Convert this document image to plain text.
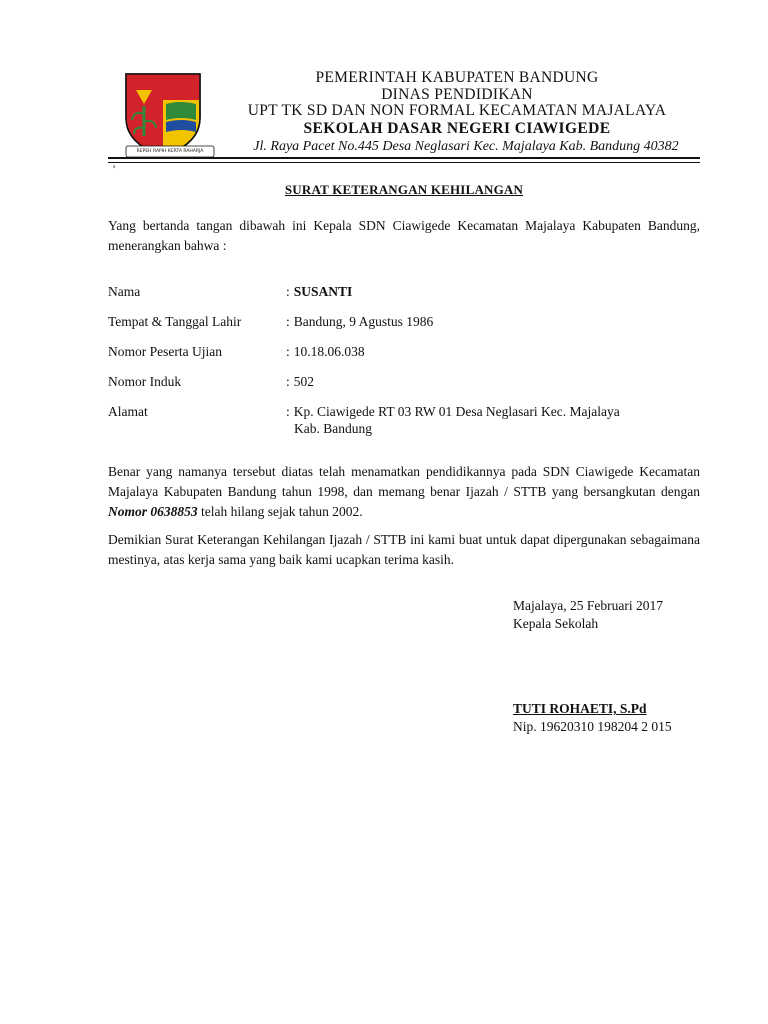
REPEH RAPIH KERTA RAHARJA
PEMERINTAH KABUPATEN BANDUNG
DINAS PENDIDIKAN
UPT TK SD DAN NON FORMAL KECAMATAN MAJALAYA
SEKOLAH DASAR NEGERI CIAWIGEDE
Jl. Raya Pacet No.445 Desa Neglasari Kec. Majalaya Kab. Bandung 40382
'
SURAT KETERANGAN KEHILANGAN
Yang bertanda tangan dibawah ini Kepala SDN Ciawigede Kecamatan Majalaya Kabupaten Bandung, menerangkan bahwa :
Nama	: SUSANTI
Tempat & Tanggal Lahir	: Bandung, 9 Agustus 1986
Nomor Peserta Ujian	: 10.18.06.038
Nomor Induk	: 502
Alamat	: Kp. Ciawigede RT 03 RW 01 Desa Neglasari Kec. Majalaya
Kab. Bandung
Benar yang namanya tersebut diatas telah menamatkan pendidikannya pada SDN Ciawigede Kecamatan Majalaya Kabupaten Bandung tahun 1998, dan memang benar Ijazah / STTB yang bersangkutan dengan Nomor 0638853 telah hilang sejak tahun 2002.
Demikian Surat Keterangan Kehilangan Ijazah / STTB ini kami buat untuk dapat dipergunakan sebagaimana mestinya, atas kerja sama yang baik kami ucapkan terima kasih.
Majalaya, 25 Februari 2017
Kepala Sekolah
TUTI ROHAETI, S.Pd
Nip. 19620310 198204 2 015
